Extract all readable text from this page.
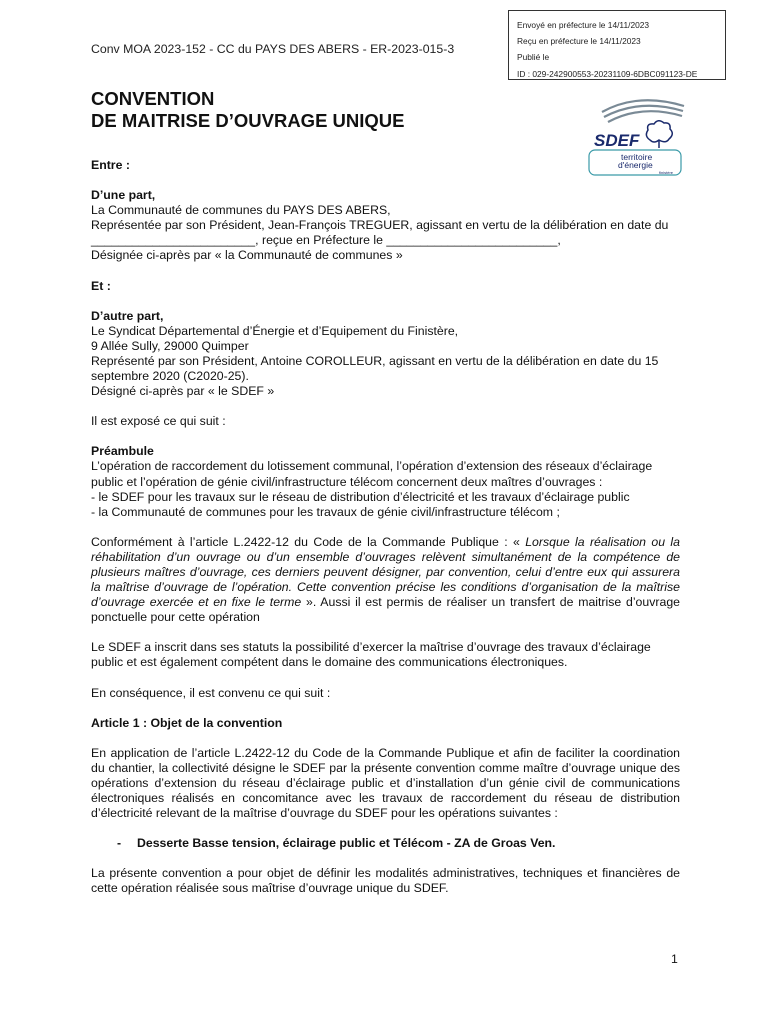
Envoyé en préfecture le 14/11/2023
Reçu en préfecture le 14/11/2023
Publié le
ID : 029-242900553-20231109-6DBC091123-DE
Conv MOA 2023-152 - CC du PAYS DES ABERS - ER-2023-015-3
CONVENTION
DE MAITRISE D’OUVRAGE UNIQUE
SDEF
territoire
d'énergie
finistère

Entre :

D’une part,

La Communauté de communes du PAYS DES ABERS,

Représentée par son Président, Jean-François TREGUER, agissant en vertu de la délibération en date du ________________________, reçue en Préfecture le _________________________,

Désignée ci-après par « la Communauté de communes »

Et :

D’autre part,

Le Syndicat Départemental d’Énergie et d’Equipement du Finistère,

9 Allée Sully, 29000 Quimper

Représenté par son Président, Antoine COROLLEUR, agissant en vertu de la délibération en date du 15 septembre 2020 (C2020-25).

Désigné ci-après par « le SDEF »

Il est exposé ce qui suit :

Préambule

L’opération de raccordement du lotissement communal, l’opération d’extension des réseaux d’éclairage public et l’opération de génie civil/infrastructure télécom concernent deux maîtres d’ouvrages :

- le SDEF pour les travaux sur le réseau de distribution d’électricité et les travaux d’éclairage public

- la Communauté de communes pour les travaux de génie civil/infrastructure télécom ;

Conformément à l’article L.2422-12 du Code de la Commande Publique : « Lorsque la réalisation ou la réhabilitation d’un ouvrage ou d’un ensemble d’ouvrages relèvent simultanément de la compétence de plusieurs maîtres d’ouvrage, ces derniers peuvent désigner, par convention, celui d’entre eux qui assurera la maîtrise d’ouvrage de l’opération. Cette convention précise les conditions d’organisation de la maîtrise d’ouvrage exercée et en fixe le terme ». Aussi il est permis de réaliser un transfert de maitrise d’ouvrage ponctuelle pour cette opération

Le SDEF a inscrit dans ses statuts la possibilité d’exercer la maîtrise d’ouvrage des travaux d’éclairage public et est également compétent dans le domaine des communications électroniques.

En conséquence, il est convenu ce qui suit :

Article 1 : Objet de la convention

En application de l’article L.2422-12 du Code de la Commande Publique et afin de faciliter la coordination du chantier, la collectivité désigne le SDEF par la présente convention comme maître d’ouvrage unique des opérations d’extension du réseau d’éclairage public et d’installation d’un génie civil de communications électroniques réalisés en concomitance avec les travaux de raccordement du réseau de distribution d’électricité relevant de la maîtrise d’ouvrage du SDEF pour les opérations suivantes :

- Desserte Basse tension, éclairage public et Télécom - ZA de Groas Ven.

La présente convention a pour objet de définir les modalités administratives, techniques et financières de cette opération réalisée sous maîtrise d’ouvrage unique du SDEF.

1
